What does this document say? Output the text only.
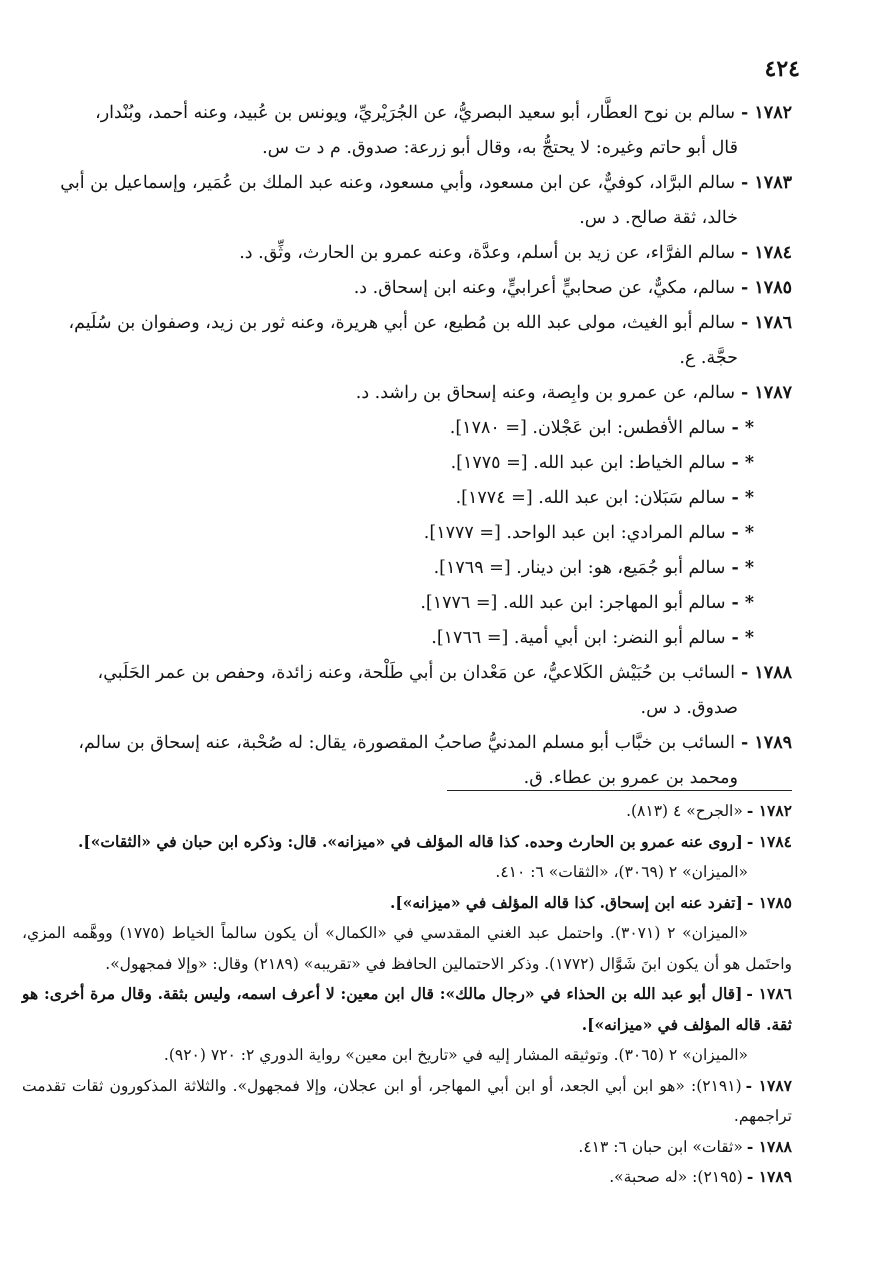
٤٢٤

١٧٨٢ -سالم بن نوح العطَّار، أبو سعيد البصريُّ، عن الجُرَيْريِّ، ويونس بن عُبيد، وعنه أحمد، وبُنْدار،
قال أبو حاتم وغيره: لا يحتجُّ به، وقال أبو زرعة: صدوق. م د ت س.

١٧٨٣ -سالم البرَّاد، كوفيٌّ، عن ابن مسعود، وأبي مسعود، وعنه عبد الملك بن عُمَير، وإسماعيل بن أبي
خالد، ثقة صالح. د س.

١٧٨٤ -سالم الفرَّاء، عن زيد بن أسلم، وعدَّة، وعنه عمرو بن الحارث، وثِّق. د.

١٧٨٥ -سالم، مكيٌّ، عن صحابيٍّ أعرابيٍّ، وعنه ابن إسحاق. د.

١٧٨٦ -سالم أبو الغيث، مولى عبد الله بن مُطيع، عن أبي هريرة، وعنه ثور بن زيد، وصفوان بن سُلَيم،
حجَّة. ع.

١٧٨٧ -سالم، عن عمرو بن وابِصة، وعنه إسحاق بن راشد. د.

* -سالم الأفطس: ابن عَجْلان. [= ١٧٨٠].

* -سالم الخياط: ابن عبد الله. [= ١٧٧٥].

* -سالم سَبَلان: ابن عبد الله. [= ١٧٧٤].

* -سالم المرادي: ابن عبد الواحد. [= ١٧٧٧].

* -سالم أبو جُمَيع، هو: ابن دينار. [= ١٧٦٩].

* -سالم أبو المهاجر: ابن عبد الله. [= ١٧٧٦].

* -سالم أبو النضر: ابن أبي أمية. [= ١٧٦٦].

١٧٨٨ -السائب بن حُبَيْش الكَلاعيُّ، عن مَعْدان بن أبي طَلْحة، وعنه زائدة، وحفص بن عمر الحَلَبي،
صدوق. د س.

١٧٨٩ -السائب بن خبَّاب أبو مسلم المدنيُّ صاحبُ المقصورة، يقال: له صُحْبة، عنه إسحاق بن سالم،
ومحمد بن عمرو بن عطاء. ق.

١٧٨٢ -«الجرح» ٤ (٨١٣).

١٧٨٤ -[روى عنه عمرو بن الحارث وحده. كذا قاله المؤلف في «ميزانه». قال: وذكره ابن حبان في «الثقات»].
«الميزان» ٢ (٣٠٦٩)، «الثقات» ٦: ٤١٠.

١٧٨٥ -[تفرد عنه ابن إسحاق. كذا قاله المؤلف في «ميزانه»].
«الميزان» ٢ (٣٠٧١). واحتمل عبد الغني المقدسي في «الكمال» أن يكون سالماً الخياط (١٧٧٥) ووهَّمه المزي، واحتَمل هو أن يكون ابنَ شَوَّال (١٧٧٢). وذكر الاحتمالين الحافظ في «تقريبه» (٢١٨٩) وقال: «وإلا فمجهول».

١٧٨٦ -[قال أبو عبد الله بن الحذاء في «رجال مالك»: قال ابن معين: لا أعرف اسمه، وليس بثقة. وقال مرة أخرى: هو ثقة. قاله المؤلف في «ميزانه»].
«الميزان» ٢ (٣٠٦٥). وتوثيقه المشار إليه في «تاريخ ابن معين» رواية الدوري ٢: ٧٢٠ (٩٢٠).

١٧٨٧ -(٢١٩١): «هو ابن أبي الجعد، أو ابن أبي المهاجر، أو ابن عجلان، وإلا فمجهول». والثلاثة المذكورون ثقات تقدمت تراجمهم.

١٧٨٨ -«ثقات» ابن حبان ٦: ٤١٣.

١٧٨٩ -(٢١٩٥): «له صحبة».
